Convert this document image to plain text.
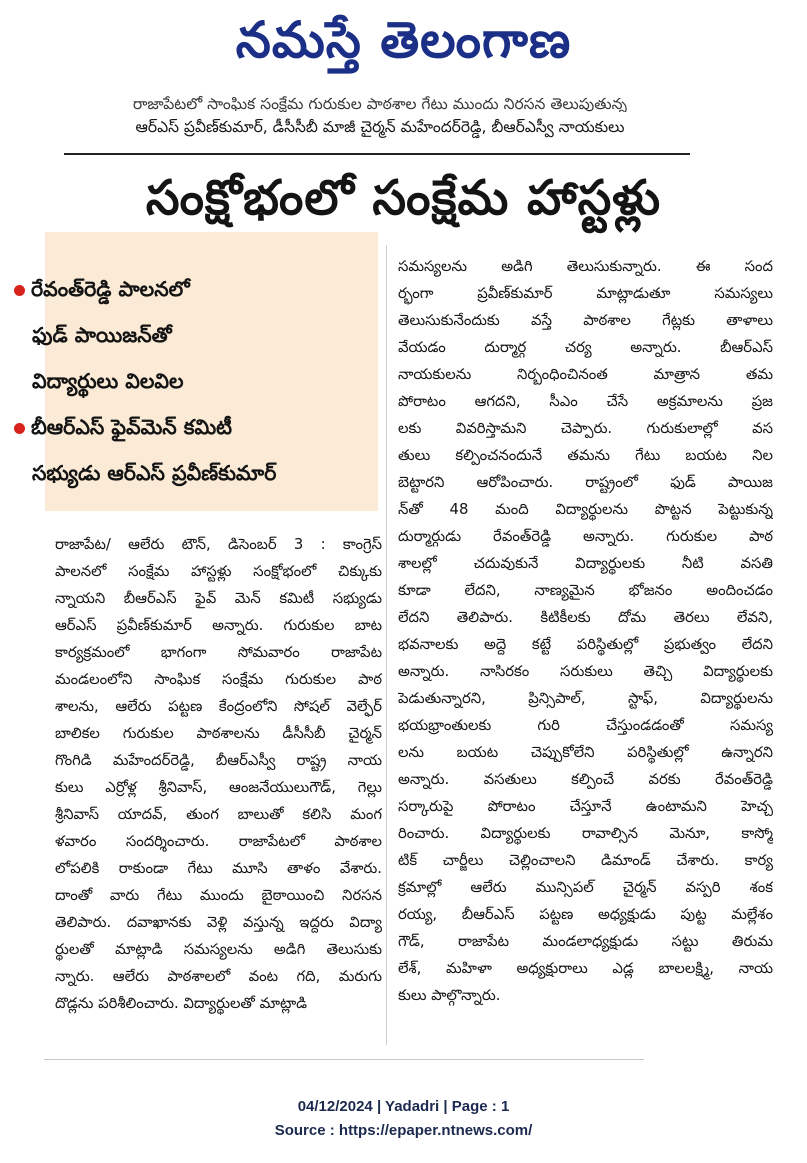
నమస్తే తెలంగాణ
రాజాపేటలో సాంఘిక సంక్షేమ గురుకుల పాఠశాల గేటు ముందు నిరసన తెలుపుతున్న
ఆర్ఎస్ ప్రవీణ్‌కుమార్, డీసీసీబీ మాజీ చైర్మన్ మహేందర్‌రెడ్డి, బీఆర్ఎస్వీ నాయకులు
సంక్షోభంలో సంక్షేమ హాస్టళ్లు
రేవంత్‌రెడ్డి పాలనలో
ఫుడ్ పాయిజన్‌తో
విద్యార్థులు విలవిల
బీఆర్ఎస్ ఫైవ్‌మెన్ కమిటీ
సభ్యుడు ఆర్ఎస్ ప్రవీణ్‌కుమార్
రాజాపేట/ ఆలేరు టౌన్, డిసెంబర్ 3 : కాంగ్రెస్
పాలనలో సంక్షేమ హాస్టళ్లు సంక్షోభంలో చిక్కుకు
న్నాయని బీఆర్ఎస్ ఫైవ్ మెన్ కమిటీ సభ్యుడు
ఆర్ఎస్ ప్రవీణ్‌కుమార్ అన్నారు. గురుకుల బాట
కార్యక్రమంలో భాగంగా సోమవారం రాజాపేట
మండలంలోని సాంఘిక సంక్షేమ గురుకుల పాఠ
శాలను, ఆలేరు పట్టణ కేంద్రంలోని సోషల్ వెల్ఫేర్
బాలికల గురుకుల పాఠశాలను డీసీసీబీ చైర్మన్
గొంగిడి మహేందర్‌రెడ్డి, బీఆర్ఎస్వీ రాష్ట్ర నాయ
కులు ఎర్రోళ్ల శ్రీనివాస్, ఆంజనేయులుగౌడ్, గెల్లు
శ్రీనివాస్ యాదవ్, తుంగ బాలుతో కలిసి మంగ
ళవారం సందర్శించారు. రాజాపేటలో పాఠశాల
లోపలికి రాకుండా గేటు మూసి తాళం వేశారు.
దాంతో వారు గేటు ముందు బైఠాయించి నిరసన
తెలిపారు. దవాఖానకు వెళ్లి వస్తున్న ఇద్దరు విద్యా
ర్థులతో మాట్లాడి సమస్యలను అడిగి తెలుసుకు
న్నారు. ఆలేరు పాఠశాలలో వంట గది, మరుగు
దొడ్లను పరిశీలించారు. విద్యార్థులతో మాట్లాడి
సమస్యలను అడిగి తెలుసుకున్నారు. ఈ సంద
ర్భంగా ప్రవీణ్‌కుమార్ మాట్లాడుతూ సమస్యలు
తెలుసుకునేందుకు వస్తే పాఠశాల గేట్లకు తాళాలు
వేయడం దుర్మార్గ చర్య అన్నారు. బీఆర్ఎస్
నాయకులను నిర్బంధించినంత మాత్రాన తమ
పోరాటం ఆగదని, సీఎం చేసే అక్రమాలను ప్రజ
లకు వివరిస్తామని చెప్పారు. గురుకులాల్లో వస
తులు కల్పించనందునే తమను గేటు బయట నిల
బెట్టారని ఆరోపించారు. రాష్ట్రంలో ఫుడ్ పాయిజ
న్‌తో 48 మంది విద్యార్థులను పొట్టన పెట్టుకున్న
దుర్మార్గుడు రేవంత్‌రెడ్డి అన్నారు. గురుకుల పాఠ
శాలల్లో చదువుకునే విద్యార్థులకు నీటి వసతి
కూడా లేదని, నాణ్యమైన భోజనం అందించడం
లేదని తెలిపారు. కిటికీలకు దోమ తెరలు లేవని,
భవనాలకు అద్దె కట్టే పరిస్థితుల్లో ప్రభుత్వం లేదని
అన్నారు. నాసిరకం సరుకులు తెచ్చి విద్యార్థులకు
పెడుతున్నారని, ప్రిన్సిపాల్, స్టాఫ్, విద్యార్థులను
భయభ్రాంతులకు గురి చేస్తుండడంతో సమస్య
లను బయట చెప్పుకోలేని పరిస్థితుల్లో ఉన్నారని
అన్నారు. వసతులు కల్పించే వరకు రేవంత్‌రెడ్డి
సర్కారుపై పోరాటం చేస్తూనే ఉంటామని హెచ్చ
రించారు. విద్యార్థులకు రావాల్సిన మెనూ, కాస్మో
టిక్ చార్జీలు చెల్లించాలని డిమాండ్ చేశారు. కార్య
క్రమాల్లో ఆలేరు మున్సిపల్ చైర్మన్ వస్పరి శంక
రయ్య, బీఆర్ఎస్ పట్టణ అధ్యక్షుడు పుట్ట మల్లేశం
గౌడ్, రాజాపేట మండలాధ్యక్షుడు సట్టు తిరుమ
లేశ్, మహిళా అధ్యక్షురాలు ఎడ్ల బాలలక్ష్మి, నాయ
కులు పాల్గొన్నారు.
04/12/2024 | Yadadri | Page : 1
Source : https://epaper.ntnews.com/
